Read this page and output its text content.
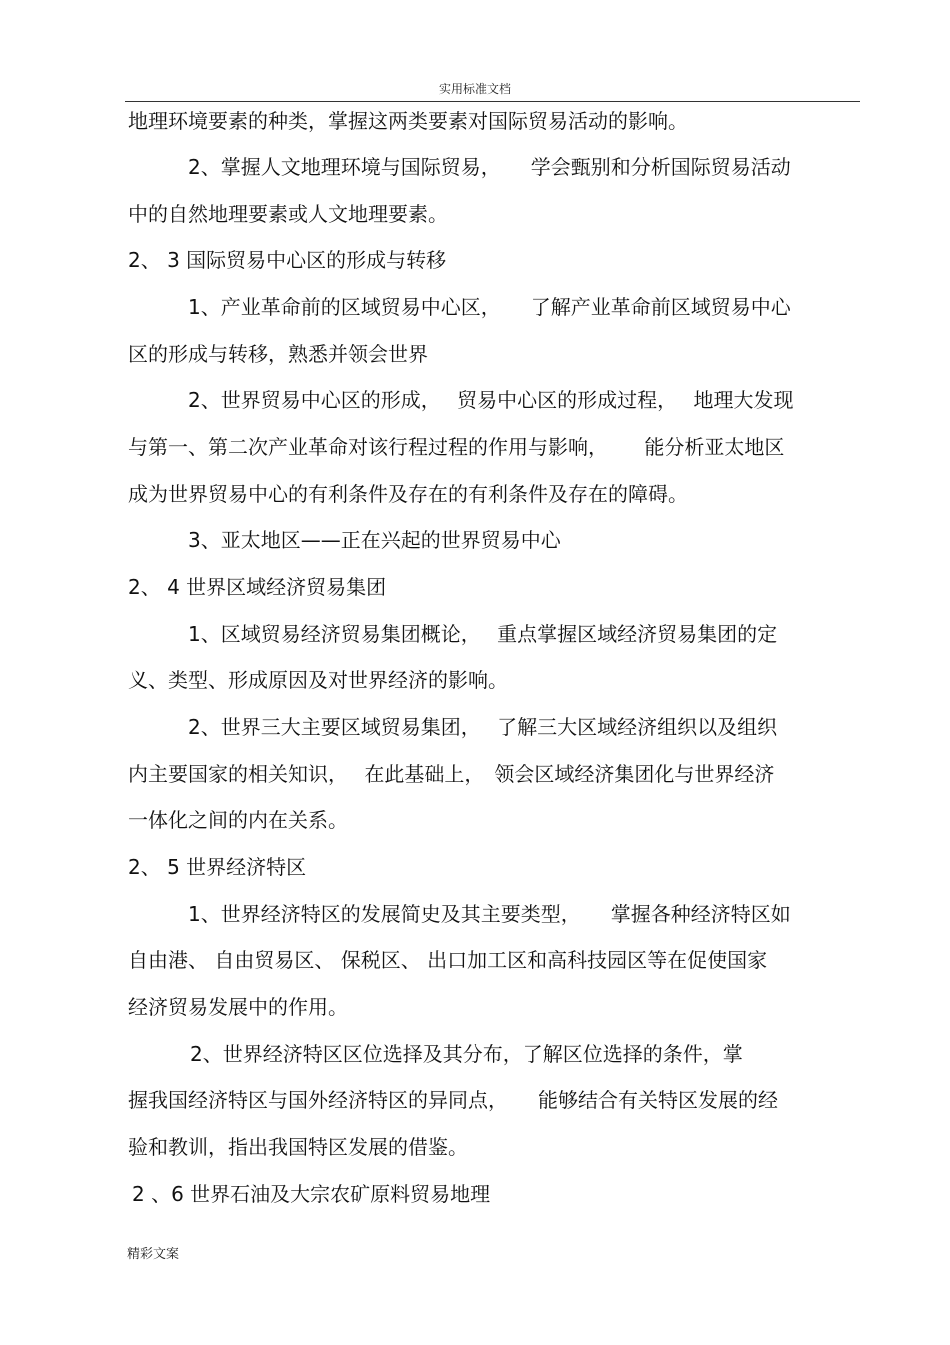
实用标准文档
地理环境要素的种类，掌握这两类要素对国际贸易活动的影响。
2、掌握人文地理环境与国际贸易，　　学会甄别和分析国际贸易活动
中的自然地理要素或人文地理要素。
2、 3 国际贸易中心区的形成与转移
1、产业革命前的区域贸易中心区，　　了解产业革命前区域贸易中心
区的形成与转移，熟悉并领会世界
2、世界贸易中心区的形成，　 贸易中心区的形成过程，　 地理大发现
与第一、第二次产业革命对该行程过程的作用与影响，　　 能分析亚太地区
成为世界贸易中心的有利条件及存在的有利条件及存在的障碍。
3、亚太地区——正在兴起的世界贸易中心
2、 4 世界区域经济贸易集团
1、区域贸易经济贸易集团概论，　 重点掌握区域经济贸易集团的定
义、类型、形成原因及对世界经济的影响。
2、世界三大主要区域贸易集团，　 了解三大区域经济组织以及组织
内主要国家的相关知识，　 在此基础上，　领会区域经济集团化与世界经济
一体化之间的内在关系。
2、 5 世界经济特区
1、世界经济特区的发展简史及其主要类型，　　掌握各种经济特区如
自由港、 自由贸易区、 保税区、 出口加工区和高科技园区等在促使国家
经济贸易发展中的作用。
2、世界经济特区区位选择及其分布，了解区位选择的条件，掌
握我国经济特区与国外经济特区的异同点，　　能够结合有关特区发展的经
验和教训，指出我国特区发展的借鉴。
2 、6 世界石油及大宗农矿原料贸易地理
精彩文案
